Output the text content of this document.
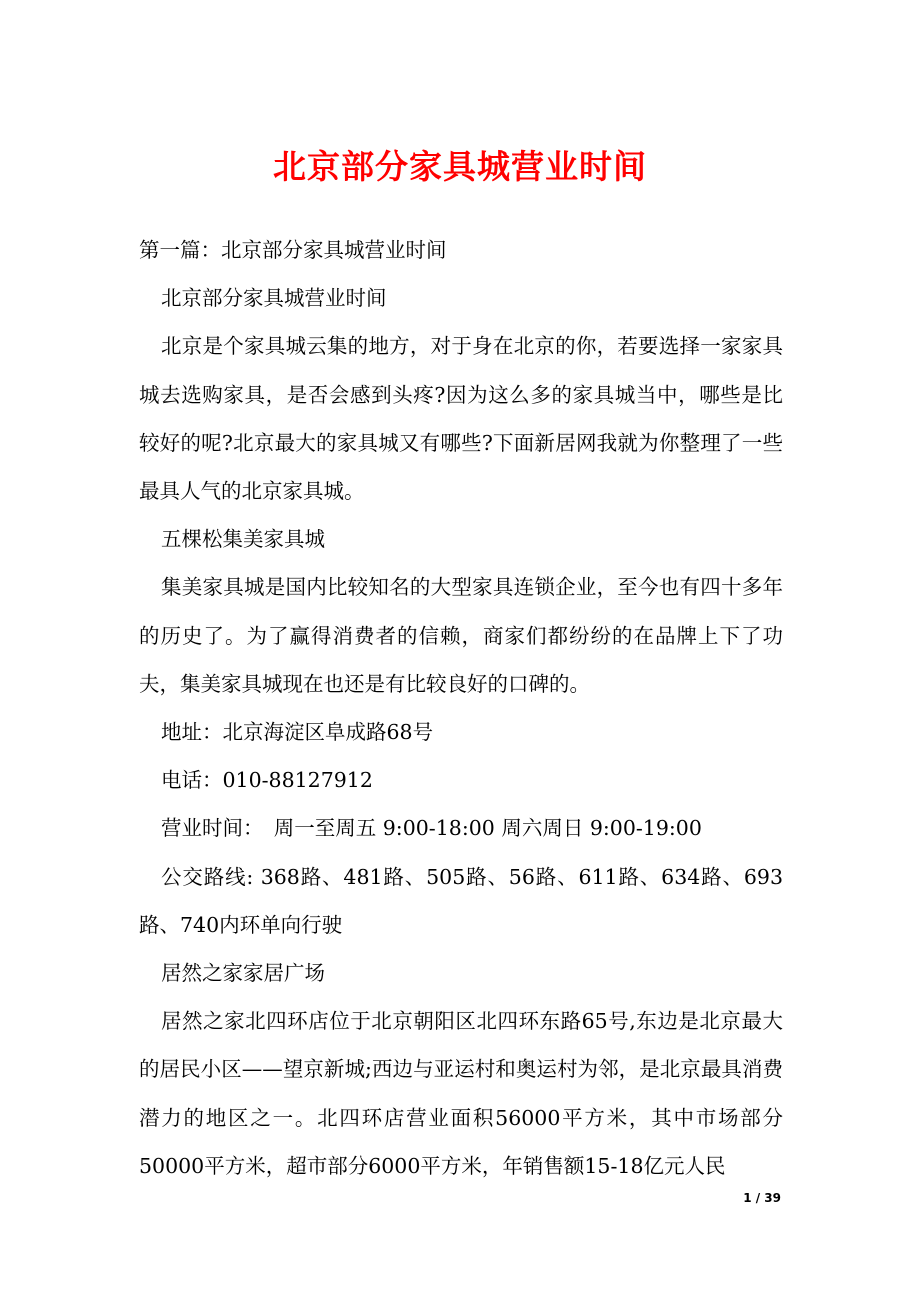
北京部分家具城营业时间

第一篇：北京部分家具城营业时间

北京部分家具城营业时间

北京是个家具城云集的地方，对于身在北京的你，若要选择一家家具城去选购家具，是否会感到头疼?因为这么多的家具城当中，哪些是比较好的呢?北京最大的家具城又有哪些?下面新居网我就为你整理了一些最具人气的北京家具城。

五棵松集美家具城

集美家具城是国内比较知名的大型家具连锁企业，至今也有四十多年的历史了。为了赢得消费者的信赖，商家们都纷纷的在品牌上下了功夫，集美家具城现在也还是有比较良好的口碑的。

地址：北京海淀区阜成路68号

电话：010-88127912

营业时间：　周一至周五 9:00-18:00 周六周日 9:00-19:00

公交路线: 368路、481路、505路、56路、611路、634路、693路、740内环单向行驶

居然之家家居广场

居然之家北四环店位于北京朝阳区北四环东路65号,东边是北京最大的居民小区——望京新城;西边与亚运村和奥运村为邻，是北京最具消费潜力的地区之一。北四环店营业面积56000平方米，其中市场部分50000平方米，超市部分6000平方米，年销售额15-18亿元人民

1 / 39
